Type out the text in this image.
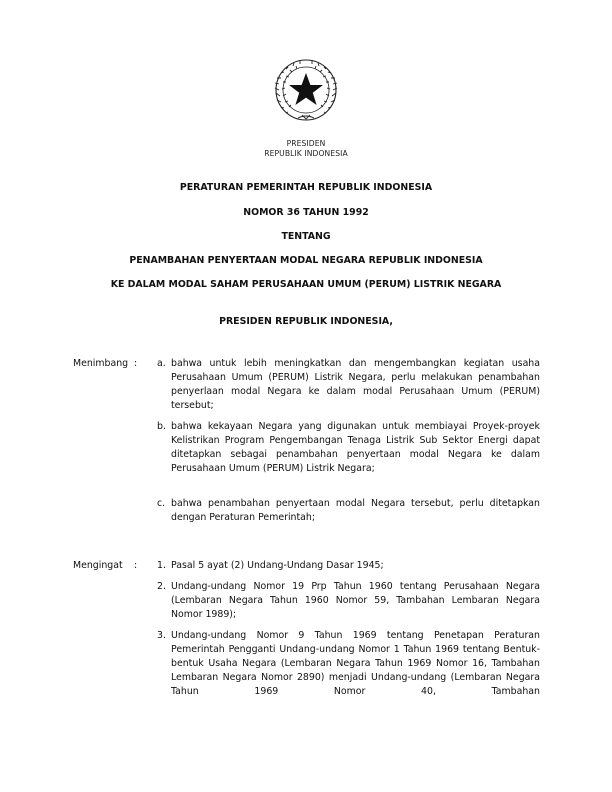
PRESIDEN
REPUBLIK INDONESIA
PERATURAN PEMERINTAH REPUBLIK INDONESIA
NOMOR 36 TAHUN 1992
TENTANG
PENAMBAHAN PENYERTAAN MODAL NEGARA REPUBLIK INDONESIA
KE DALAM MODAL SAHAM PERUSAHAAN UMUM (PERUM) LISTRIK NEGARA
PRESIDEN REPUBLIK INDONESIA,
Menimbang : a. bahwa untuk lebih meningkatkan dan mengembangkan kegiatan usaha Perusahaan Umum (PERUM) Listrik Negara, perlu melakukan penambahan penyerlaan modal Negara ke dalam modal Perusahaan Umum (PERUM) tersebut;
b. bahwa kekayaan Negara yang digunakan untuk membiayai Proyek-proyek Kelistrikan Program Pengembangan Tenaga Listrik Sub Sektor Energi dapat ditetapkan sebagai penambahan penyertaan modal Negara ke dalam Perusahaan Umum (PERUM) Listrik Negara;
c. bahwa penambahan penyertaan modal Negara tersebut, perlu ditetapkan dengan Peraturan Pemerintah;
Mengingat : 1. Pasal 5 ayat (2) Undang-Undang Dasar 1945;
2. Undang-undang Nomor 19 Prp Tahun 1960 tentang Perusahaan Negara (Lembaran Negara Tahun 1960 Nomor 59, Tambahan Lembaran Negara Nomor 1989);
3. Undang-undang Nomor 9 Tahun 1969 tentang Penetapan Peraturan Pemerintah Pengganti Undang-undang Nomor 1 Tahun 1969 tentang Bentuk-bentuk Usaha Negara (Lembaran Negara Tahun 1969 Nomor 16, Tambahan Lembaran Negara Nomor 2890) menjadi Undang-undang (Lembaran Negara Tahun 1969 Nomor 40, Tambahan
